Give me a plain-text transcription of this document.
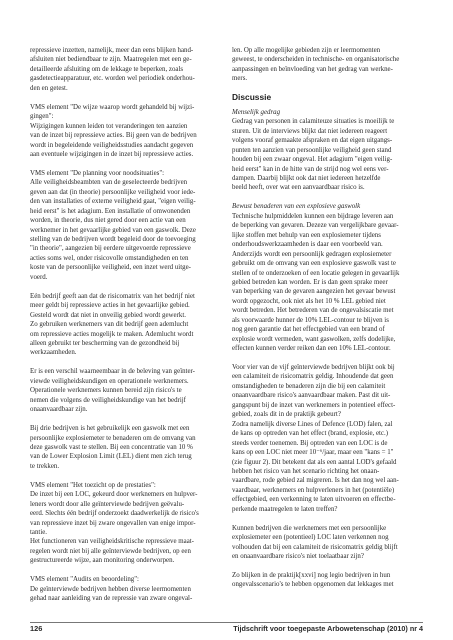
repressieve inzetten, namelijk, meer dan eens blijken hand-
afsluiten niet bediendbaar te zijn. Maatregelen met een ge-
detailleerde afsluiting om de lekkage te beperken, zoals
gasdetectieapparatuur, etc. worden wel periodiek onderhou-
den en getest.

VMS element "De wijze waarop wordt gehandeld bij wijzi-
gingen":
Wijzigingen kunnen leiden tot veranderingen ten aanzien
van de inzet bij repressieve acties. Bij geen van de bedrijven
wordt in begeleidende veiligheidsstudies aandacht gegeven
aan eventuele wijzigingen in de inzet bij repressieve acties.

VMS element "De planning voor noodsituaties":
Alle veiligheidsbeambten van de geselecteerde bedrijven
geven aan dat (in theorie) persoonlijke veiligheid voor iede-
den van installaties of externe veiligheid gaat, "eigen veilig-
heid eerst" is het adagium. Een installatie of omwonenden
worden, in theorie, dus niet gered door een actie van een
werknemer in het gevaarlijke gebied van een gaswolk. Deze
stelling van de bedrijven wordt begeleid door de toevoeging
"in theorie", aangezien bij eerdere uitgevoerde repressieve
acties soms wel, onder risicovolle omstandigheden en ten
koste van de persoonlijke veiligheid, een inzet werd uitge-
voerd.

Eén bedrijf geeft aan dat de risicomatrix van het bedrijf niet
meer geldt bij repressieve acties in het gevaarlijke gebied.
Gesteld wordt dat niet in onveilig gebied wordt gewerkt.
Zo gebruiken werknemers van dit bedrijf geen ademlucht
om repressieve acties mogelijk te maken. Ademlucht wordt
alleen gebruikt ter bescherming van de gezondheid bij
werkzaamheden.

Er is een verschil waarneembaar in de beleving van geïnter-
viewde veiligheidskundigen en operationele werknemers.
Operationele werknemers kunnen bereid zijn risico's te
nemen die volgens de veiligheidskundige van het bedrijf
onaanvaardbaar zijn.

Bij drie bedrijven is het gebruikelijk een gaswolk met een
persoonlijke explosiemeter te benaderen om de omvang van
deze gaswolk vast te stellen. Bij een concentratie van 10 %
van de Lower Explosion Limit (LEL) dient men zich terug
te trekken.

VMS element "Het toezicht op de prestaties":
De inzet bij een LOC, gekeurd door werknemers en hulpver-
leners wordt door alle geïnterviewde bedrijven geëvalu-
eerd. Slechts één bedrijf onderzoekt daadwerkelijk de risico's
van repressieve inzet bij zware ongevallen van enige impor-
tantie.
Het functioneren van veiligheidskritische repressieve maat-
regelen wordt niet bij alle geïnterviewde bedrijven, op een
gestructureerde wijze, aan monitoring onderworpen.

VMS element "Audits en beoordeling":
De geïnterviewde bedrijven hebben diverse leermomenten
gehad naar aanleiding van de repressie van zware ongeval-

len. Op alle mogelijke gebieden zijn er leermomenten
geweest, te onderscheiden in technische- en organisatorische
aanpassingen en beïnvloeding van het gedrag van werkne-
mers.

Discussie

Menselijk gedrag

Gedrag van personen in calamiteuze situaties is moeilijk te
sturen. Uit de interviews blijkt dat niet iedereen reageert
volgens vooraf gemaakte afspraken en dat eigen uitgangs-
punten ten aanzien van persoonlijke veiligheid geen stand
houden bij een zwaar ongeval. Het adagium "eigen veilig-
heid eerst" kan in de hitte van de strijd nog wel eens ver-
dampen. Daarbij blijkt ook dat niet iedereen hetzelfde
beeld heeft, over wat een aanvaardbaar risico is.

Bewust benaderen van een explosieve gaswolk

Technische hulpmiddelen kunnen een bijdrage leveren aan
de beperking van gevaren. Dezeze van vergelijkbare gevaar-
lijke stoffen met behulp van een explosiemeter tijdens
onderhoudswerkzaamheden is daar een voorbeeld van.
Anderzijds wordt een persoonlijk gedragen explosiemeter
gebruikt om de omvang van een explosieve gaswolk vast te
stellen of te onderzoeken of een locatie gelegen in gevaarlijk
gebied betreden kan worden. Er is dan geen sprake meer
van beperking van de gevaren aangezien het gevaar bewust
wordt opgezocht, ook niet als het 10 % LEL gebied niet
wordt betreden. Het betrederen van de ongevalsiscatie met
als voorwaarde hunner de 10% LEL-contour te blijven is
nog geen garantie dat het effectgebied van een brand of
explosie wordt vermeden, want gaswolken, zelfs dodelijke,
effecten kunnen verder reiken dan een 10% LEL-contour.

Voor vier van de vijf geïnterviewde bedrijven blijkt ook bij
een calamiteit de risicomatrix geldig. Inhoudende dat geen
omstandigheden te benaderen zijn die bij een calamiteit
onaanvaardbare risico's aanvaardbaar maken. Past dit uit-
gangspunt bij de inzet van werknemers in potentieel effect-
gebied, zoals dit in de praktijk gebeurt?
Zodra namelijk diverse Lines of Defence (LOD) falen, zal
de kans op optreden van het effect (brand, explosie, etc.)
steeds verder toenemen. Bij optreden van een LOC is de
kans op een LOC niet meer 10⁻⁶/jaar, maar een "kans = 1"
(zie figuur 2). Dit betekent dat als een aantal LOD's gefaald
hebben het risico van het scenario richting het onaan-
vaardbare, rode gebied zal migreren. Is het dan nog wel aan-
vaardbaar, werknemers en hulpverleners in het (potentiële)
effectgebied, een verkenning te laten uitvoeren en effectbe-
perkende maatregelen te laten treffen?

Kunnen bedrijven die werknemers met een persoonlijke
explosiemeter een (potentieel) LOC laten verkennen nog
volhouden dat bij een calamiteit de risicomatrix geldig blijft
en onaanvaardbare risico's niet toelaatbaar zijn?

Zo blijken in de praktijk[xxvi] nog legio bedrijven in hun
ongevalsscenario's te hebben opgenomen dat lekkages met

126	Tijdschrift voor toegepaste Arbowetenschap (2010) nr 4
